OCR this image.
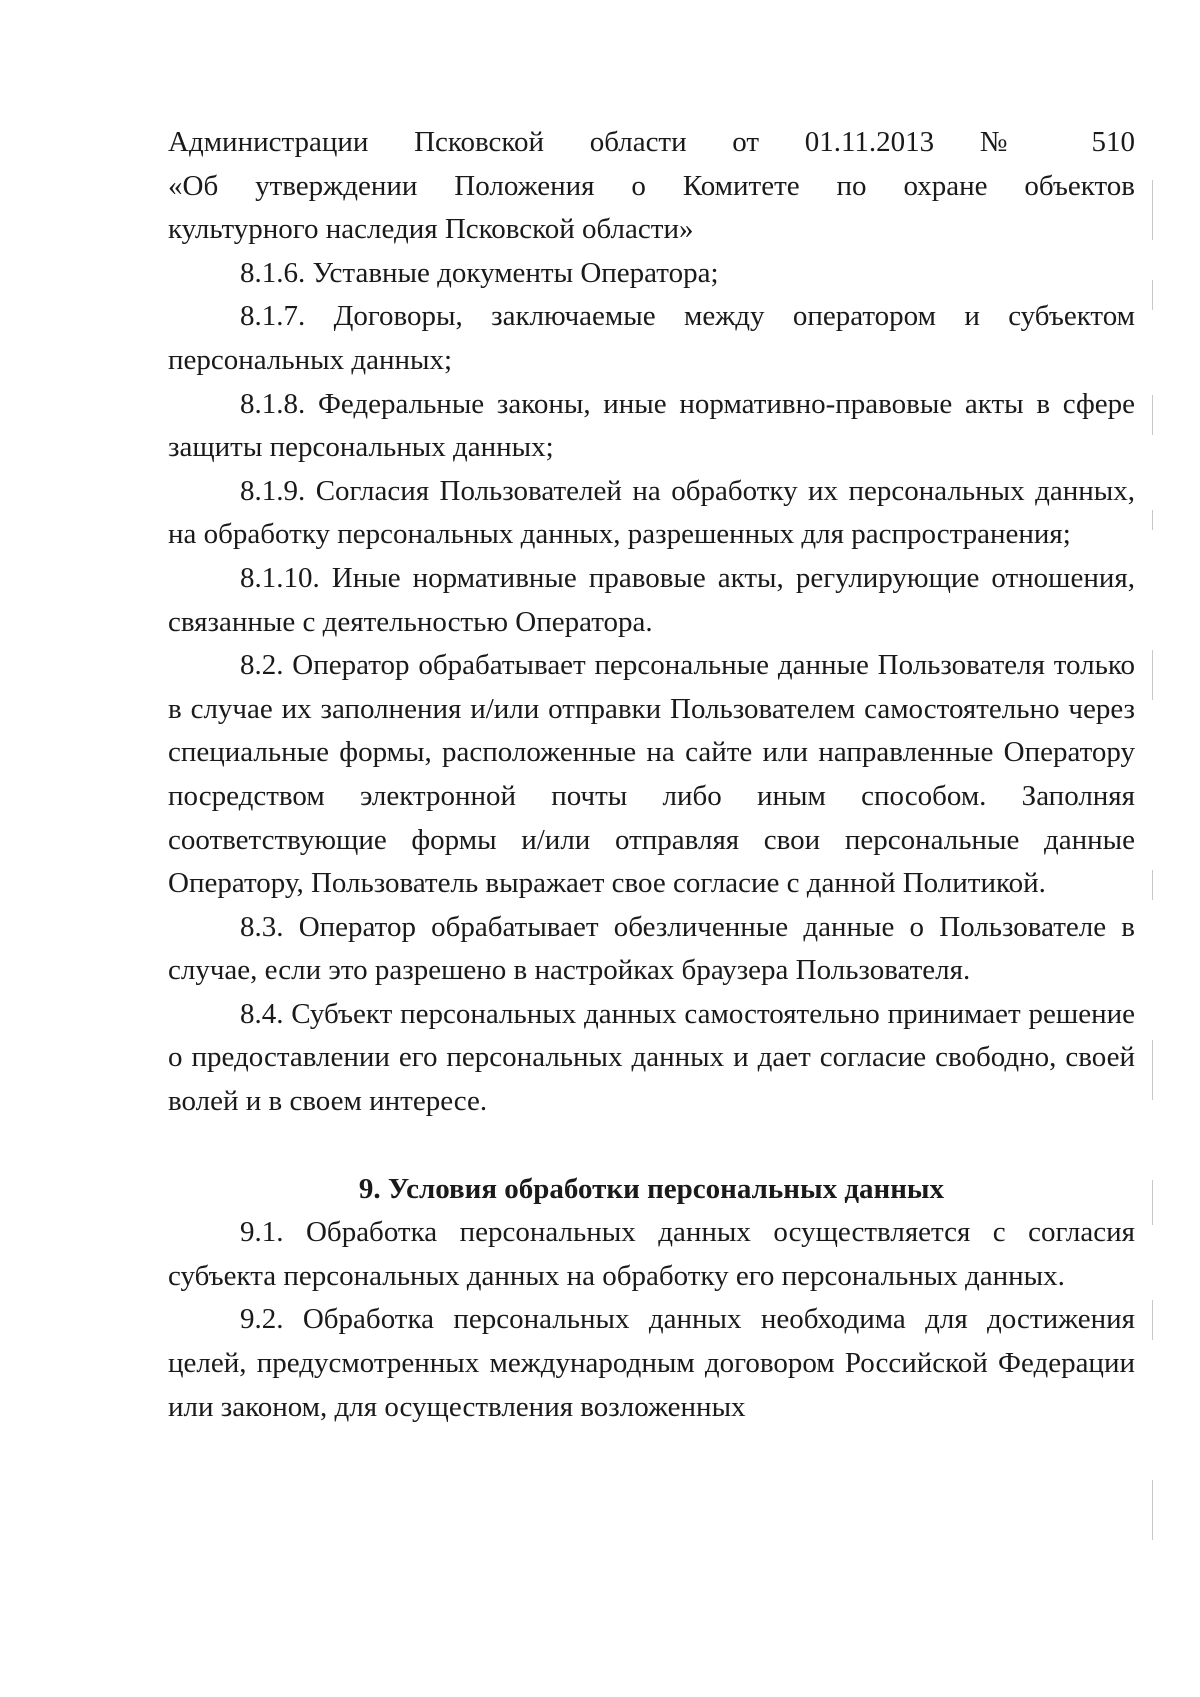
Администрации Псковской области от 01.11.2013 № 510
«Об утверждении Положения о Комитете по охране объектов
культурного наследия Псковской области»

8.1.6. Уставные документы Оператора;

8.1.7. Договоры, заключаемые между оператором и субъектом персональных данных;

8.1.8. Федеральные законы, иные нормативно-правовые акты в сфере защиты персональных данных;

8.1.9. Согласия Пользователей на обработку их персональных данных, на обработку персональных данных, разрешенных для распространения;

8.1.10. Иные нормативные правовые акты, регулирующие отношения, связанные с деятельностью Оператора.

8.2. Оператор обрабатывает персональные данные Пользователя только в случае их заполнения и/или отправки Пользователем самостоятельно через специальные формы, расположенные на сайте или направленные Оператору посредством электронной почты либо иным способом. Заполняя соответствующие формы и/или отправляя свои персональные данные Оператору, Пользователь выражает свое согласие с данной Политикой.

8.3. Оператор обрабатывает обезличенные данные о Пользователе в случае, если это разрешено в настройках браузера Пользователя.

8.4. Субъект персональных данных самостоятельно принимает решение о предоставлении его персональных данных и дает согласие свободно, своей волей и в своем интересе.

9. Условия обработки персональных данных

9.1. Обработка персональных данных осуществляется с согласия субъекта персональных данных на обработку его персональных данных.

9.2. Обработка персональных данных необходима для достижения целей, предусмотренных международным договором Российской Федерации или законом, для осуществления возложенных
